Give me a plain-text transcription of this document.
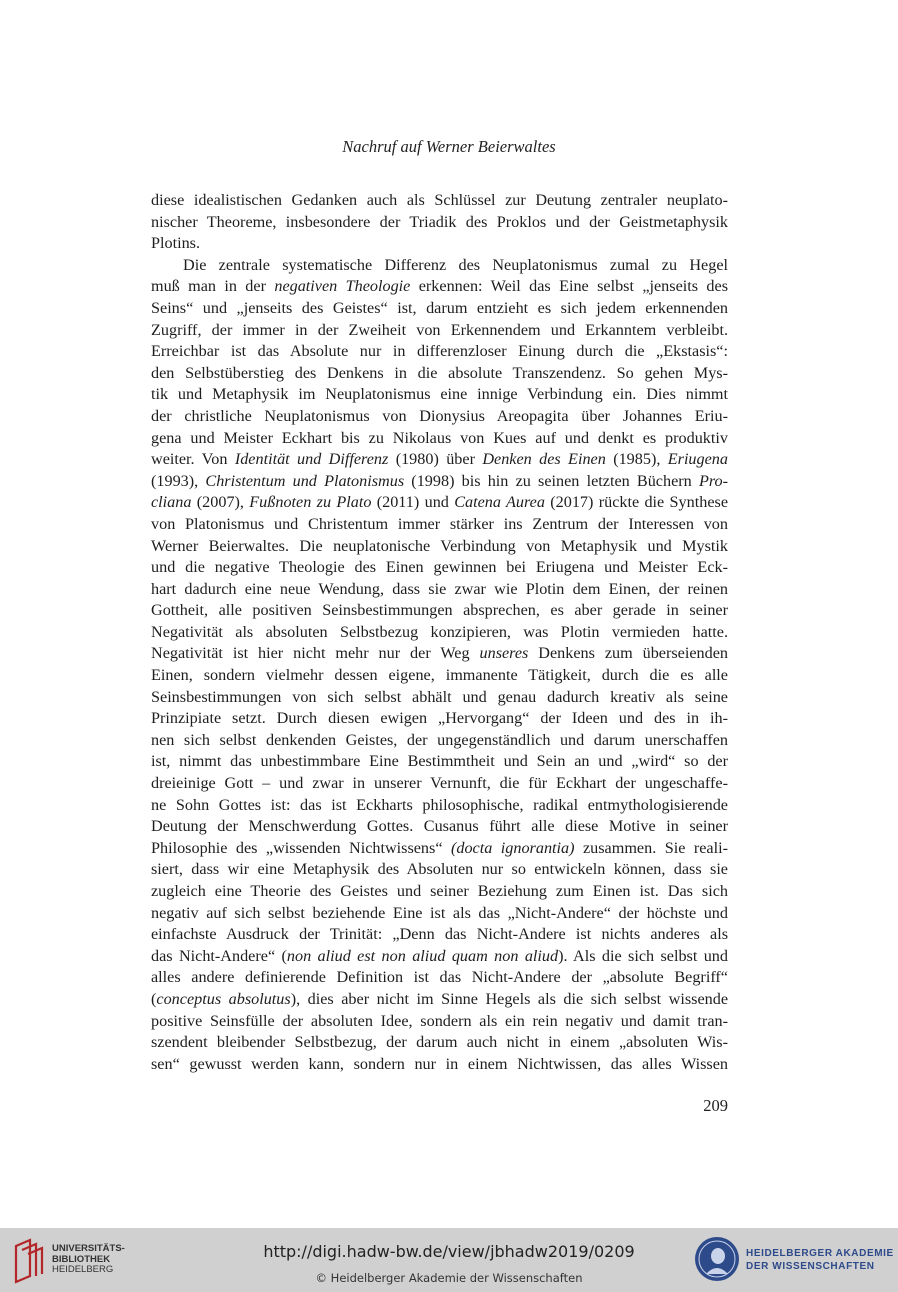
Nachruf auf Werner Beierwaltes
diese idealistischen Gedanken auch als Schlüssel zur Deutung zentraler neuplato-
nischer Theoreme, insbesondere der Triadik des Proklos und der Geistmetaphysik
Plotins.
Die zentrale systematische Differenz des Neuplatonismus zumal zu Hegel
muß man in der negativen Theologie erkennen: Weil das Eine selbst „jenseits des
Seins“ und „jenseits des Geistes“ ist, darum entzieht es sich jedem erkennenden
Zugriff, der immer in der Zweiheit von Erkennendem und Erkanntem verbleibt.
Erreichbar ist das Absolute nur in differenzloser Einung durch die „Ekstasis“:
den Selbstüberstieg des Denkens in die absolute Transzendenz. So gehen Mys-
tik und Metaphysik im Neuplatonismus eine innige Verbindung ein. Dies nimmt
der christliche Neuplatonismus von Dionysius Areopagita über Johannes Eriu-
gena und Meister Eckhart bis zu Nikolaus von Kues auf und denkt es produktiv
weiter. Von Identität und Differenz (1980) über Denken des Einen (1985), Eriugena
(1993), Christentum und Platonismus (1998) bis hin zu seinen letzten Büchern Pro-
cliana (2007), Fußnoten zu Plato (2011) und Catena Aurea (2017) rückte die Synthese
von Platonismus und Christentum immer stärker ins Zentrum der Interessen von
Werner Beierwaltes. Die neuplatonische Verbindung von Metaphysik und Mystik
und die negative Theologie des Einen gewinnen bei Eriugena und Meister Eck-
hart dadurch eine neue Wendung, dass sie zwar wie Plotin dem Einen, der reinen
Gottheit, alle positiven Seinsbestimmungen absprechen, es aber gerade in seiner
Negativität als absoluten Selbstbezug konzipieren, was Plotin vermieden hatte.
Negativität ist hier nicht mehr nur der Weg unseres Denkens zum überseienden
Einen, sondern vielmehr dessen eigene, immanente Tätigkeit, durch die es alle
Seinsbestimmungen von sich selbst abhält und genau dadurch kreativ als seine
Prinzipiate setzt. Durch diesen ewigen „Hervorgang“ der Ideen und des in ih-
nen sich selbst denkenden Geistes, der ungegenständlich und darum unerschaffen
ist, nimmt das unbestimmbare Eine Bestimmtheit und Sein an und „wird“ so der
dreieinige Gott – und zwar in unserer Vernunft, die für Eckhart der ungeschaffe-
ne Sohn Gottes ist: das ist Eckharts philosophische, radikal entmythologisierende
Deutung der Menschwerdung Gottes. Cusanus führt alle diese Motive in seiner
Philosophie des „wissenden Nichtwissens“ (docta ignorantia) zusammen. Sie reali-
siert, dass wir eine Metaphysik des Absoluten nur so entwickeln können, dass sie
zugleich eine Theorie des Geistes und seiner Beziehung zum Einen ist. Das sich
negativ auf sich selbst beziehende Eine ist als das „Nicht-Andere“ der höchste und
einfachste Ausdruck der Trinität: „Denn das Nicht-Andere ist nichts anderes als
das Nicht-Andere“ (non aliud est non aliud quam non aliud). Als die sich selbst und
alles andere definierende Definition ist das Nicht-Andere der „absolute Begriff“
(conceptus absolutus), dies aber nicht im Sinne Hegels als die sich selbst wissende
positive Seinsfülle der absoluten Idee, sondern als ein rein negativ und damit tran-
szendent bleibender Selbstbezug, der darum auch nicht in einem „absoluten Wis-
sen“ gewusst werden kann, sondern nur in einem Nichtwissen, das alles Wissen
209
UNIVERSITÄTS-
BIBLIOTHEK
HEIDELBERG
http://digi.hadw-bw.de/view/jbhadw2019/0209
© Heidelberger Akademie der Wissenschaften
HEIDELBERGER AKADEMIE
DER WISSENSCHAFTEN
